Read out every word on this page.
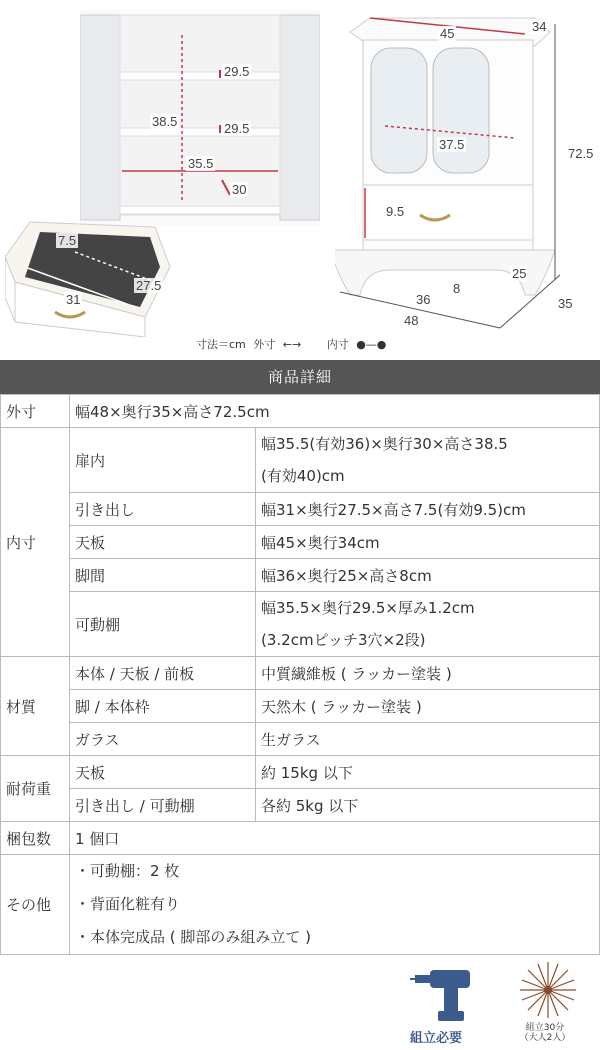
29.5
38.5	29.5
35.5
30
45	34
72.5
37.5
9.5
25
8
36
48
35
7.5
27.5
31
寸法＝cm 外寸 ←→ 内寸 ●—●
商品詳細
外寸	幅48×奥行35×高さ72.5cm	
内寸	扉内	幅35.5(有効36)×奥行30×高さ38.5
(有効40)cm
	引き出し	幅31×奥行27.5×高さ7.5(有効9.5)cm
	天板	幅45×奥行34cm
	脚間	幅36×奥行25×高さ8cm
	可動棚	幅35.5×奥行29.5×厚み1.2cm
(3.2cmピッチ3穴×2段)
材質	本体 / 天板 / 前板	中質繊維板 ( ラッカー塗装 )
	脚 / 本体枠	天然木 ( ラッカー塗装 )
	ガラス	生ガラス
耐荷重	天板	約 15kg 以下
	引き出し / 可動棚	各約 5kg 以下
梱包数	1 個口	
その他	・可動棚：2 枚
・背面化粧有り
・本体完成品 ( 脚部のみ組み立て )	
組立必要
組立30分
（大人2人）
